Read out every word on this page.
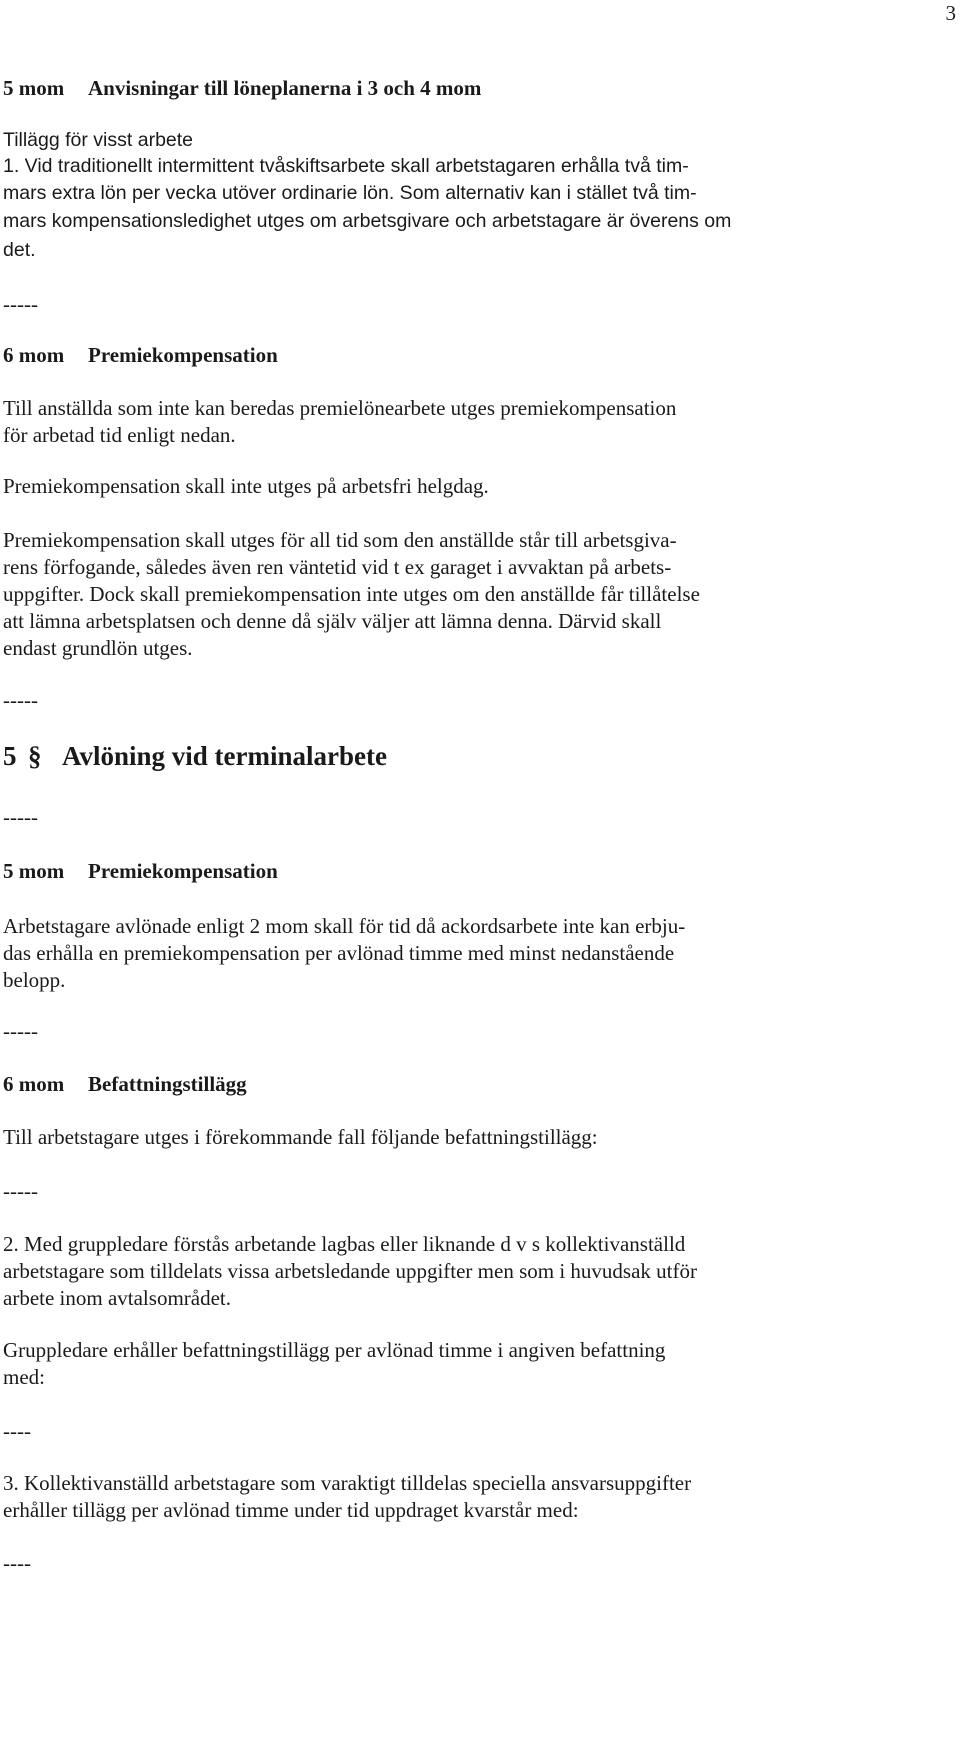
3
5 mom Anvisningar till löneplanerna i 3 och 4 mom
Tillägg för visst arbete
1. Vid traditionellt intermittent tvåskiftsarbete skall arbetstagaren erhålla två tim-
mars extra lön per vecka utöver ordinarie lön. Som alternativ kan i stället två tim-
mars kompensationsledighet utges om arbetsgivare och arbetstagare är överens om
det.
-----
6 mom Premiekompensation
Till anställda som inte kan beredas premielönearbete utges premiekompensation
för arbetad tid enligt nedan.
Premiekompensation skall inte utges på arbetsfri helgdag.
Premiekompensation skall utges för all tid som den anställde står till arbetsgiva-
rens förfogande, således även ren väntetid vid t ex garaget i avvaktan på arbets-
uppgifter. Dock skall premiekompensation inte utges om den anställde får tillåtelse
att lämna arbetsplatsen och denne då själv väljer att lämna denna. Därvid skall
endast grundlön utges.
-----
5 § Avlöning vid terminalarbete
-----
5 mom Premiekompensation
Arbetstagare avlönade enligt 2 mom skall för tid då ackordsarbete inte kan erbju-
das erhålla en premiekompensation per avlönad timme med minst nedanstående
belopp.
-----
6 mom Befattningstillägg
Till arbetstagare utges i förekommande fall följande befattningstillägg:
-----
2. Med gruppledare förstås arbetande lagbas eller liknande d v s kollektivanställd
arbetstagare som tilldelats vissa arbetsledande uppgifter men som i huvudsak utför
arbete inom avtalsområdet.
Gruppledare erhåller befattningstillägg per avlönad timme i angiven befattning
med:
----
3. Kollektivanställd arbetstagare som varaktigt tilldelas speciella ansvarsuppgifter
erhåller tillägg per avlönad timme under tid uppdraget kvarstår med:
----
